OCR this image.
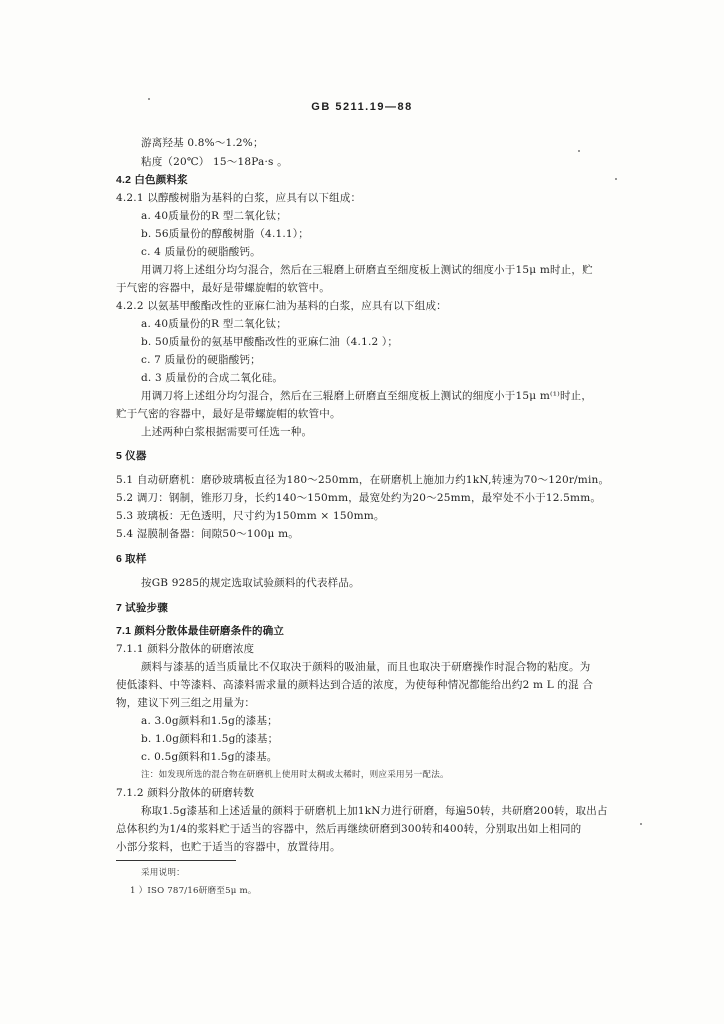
GB 5211.19—88
游离羟基 0.8%～1.2%；
粘度（20℃） 15～18Pa·s 。
4.2 白色颜料浆
4.2.1 以醇酸树脂为基料的白浆，应具有以下组成：
a. 40质量份的R 型二氧化钛；
b. 56质量份的醇酸树脂（4.1.1）；
c. 4 质量份的硬脂酸钙。
用调刀将上述组分均匀混合，然后在三辊磨上研磨直至细度板上测试的细度小于15μ m时止，贮
于气密的容器中，最好是带螺旋帽的软管中。
4.2.2 以氨基甲酸酯改性的亚麻仁油为基料的白浆，应具有以下组成：
a. 40质量份的R 型二氧化钛；
b. 50质量份的氨基甲酸酯改性的亚麻仁油（4.1.2 ）；
c. 7 质量份的硬脂酸钙；
d. 3 质量份的合成二氧化硅。
用调刀将上述组分均匀混合，然后在三辊磨上研磨直至细度板上测试的细度小于15μ m⁽¹⁾时止，
贮于气密的容器中，最好是带螺旋帽的软管中。
上述两种白浆根据需要可任选一种。
5 仪器
5.1 自动研磨机：磨砂玻璃板直径为180～250mm，在研磨机上施加力约1kN,转速为70～120r/min。
5.2 调刀：钢制，锥形刀身，长约140～150mm，最宽处约为20～25mm，最窄处不小于12.5mm。
5.3 玻璃板：无色透明，尺寸约为150mm × 150mm。
5.4 湿膜制备器：间隙50～100μ m。
6 取样
按GB 9285的规定选取试验颜料的代表样品。
7 试验步骤
7.1 颜料分散体最佳研磨条件的确立
7.1.1 颜料分散体的研磨浓度
颜料与漆基的适当质量比不仅取决于颜料的吸油量，而且也取决于研磨操作时混合物的粘度。为
使低漆料、中等漆料、高漆料需求量的颜料达到合适的浓度，为使每种情况都能给出约2 m L 的混 合
物，建议下列三组之用量为：
a. 3.0g颜料和1.5g的漆基；
b. 1.0g颜料和1.5g的漆基；
c. 0.5g颜料和1.5g的漆基。
注：如发现所选的混合物在研磨机上使用时太稠或太稀时，则应采用另一配法。
7.1.2 颜料分散体的研磨转数
称取1.5g漆基和上述适量的颜料于研磨机上加1kN力进行研磨，每遍50转，共研磨200转，取出占
总体积约为1/4的浆料贮于适当的容器中，然后再继续研磨到300转和400转，分别取出如上相同的
小部分浆料，也贮于适当的容器中，放置待用。
采用说明：
1 ）ISO 787/16研磨至5μ m。
